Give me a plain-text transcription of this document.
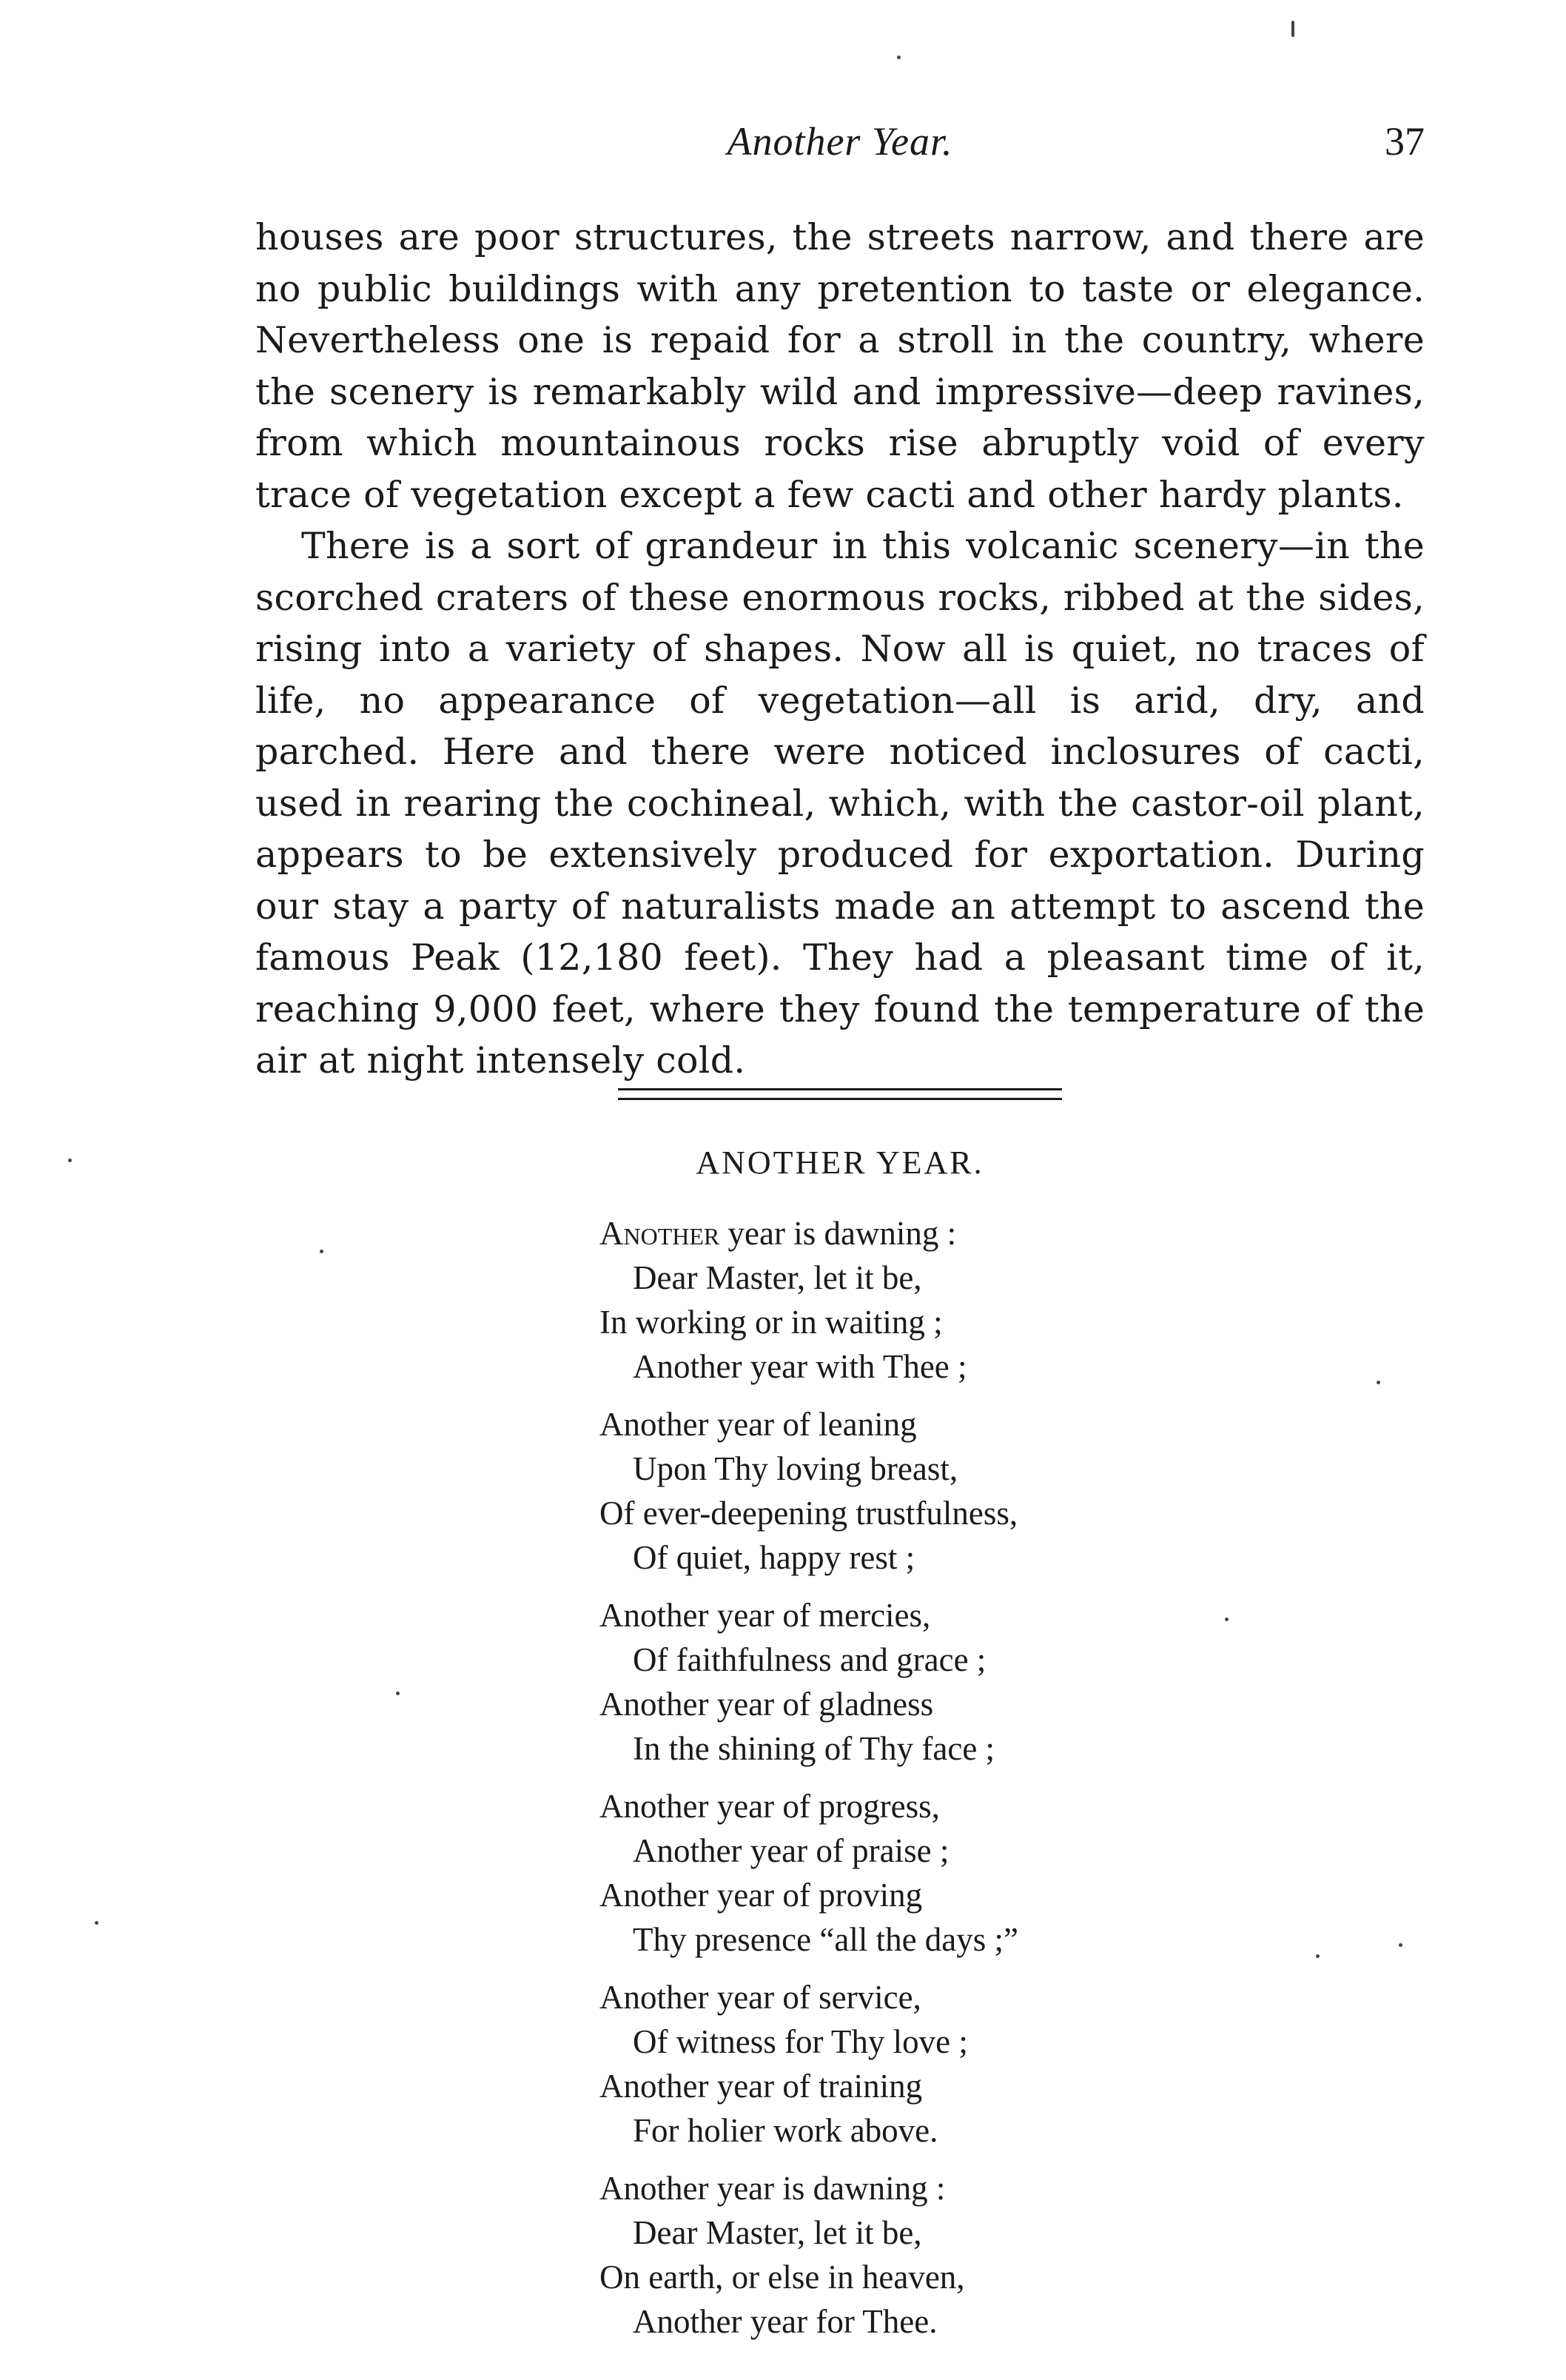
Another Year.	37

houses are poor structures, the streets narrow, and there are no public buildings with any pretention to taste or elegance. Nevertheless one is repaid for a stroll in the country, where the scenery is remarkably wild and impressive—deep ravines, from which mountainous rocks rise abruptly void of every trace of vegetation except a few cacti and other hardy plants.

There is a sort of grandeur in this volcanic scenery—in the scorched craters of these enormous rocks, ribbed at the sides, rising into a variety of shapes. Now all is quiet, no traces of life, no appearance of vegetation—all is arid, dry, and parched. Here and there were noticed inclosures of cacti, used in rearing the cochineal, which, with the castor-oil plant, appears to be extensively produced for exportation. During our stay a party of naturalists made an attempt to ascend the famous Peak (12,180 feet). They had a pleasant time of it, reaching 9,000 feet, where they found the temperature of the air at night intensely cold.

ANOTHER YEAR.
Another year is dawning :
Dear Master, let it be,
In working or in waiting ;
Another year with Thee ;
Another year of leaning
Upon Thy loving breast,
Of ever-deepening trustfulness,
Of quiet, happy rest ;
Another year of mercies,
Of faithfulness and grace ;
Another year of gladness
In the shining of Thy face ;
Another year of progress,
Another year of praise ;
Another year of proving
Thy presence “all the days ;”
Another year of service,
Of witness for Thy love ;
Another year of training
For holier work above.
Another year is dawning :
Dear Master, let it be,
On earth, or else in heaven,
Another year for Thee.
